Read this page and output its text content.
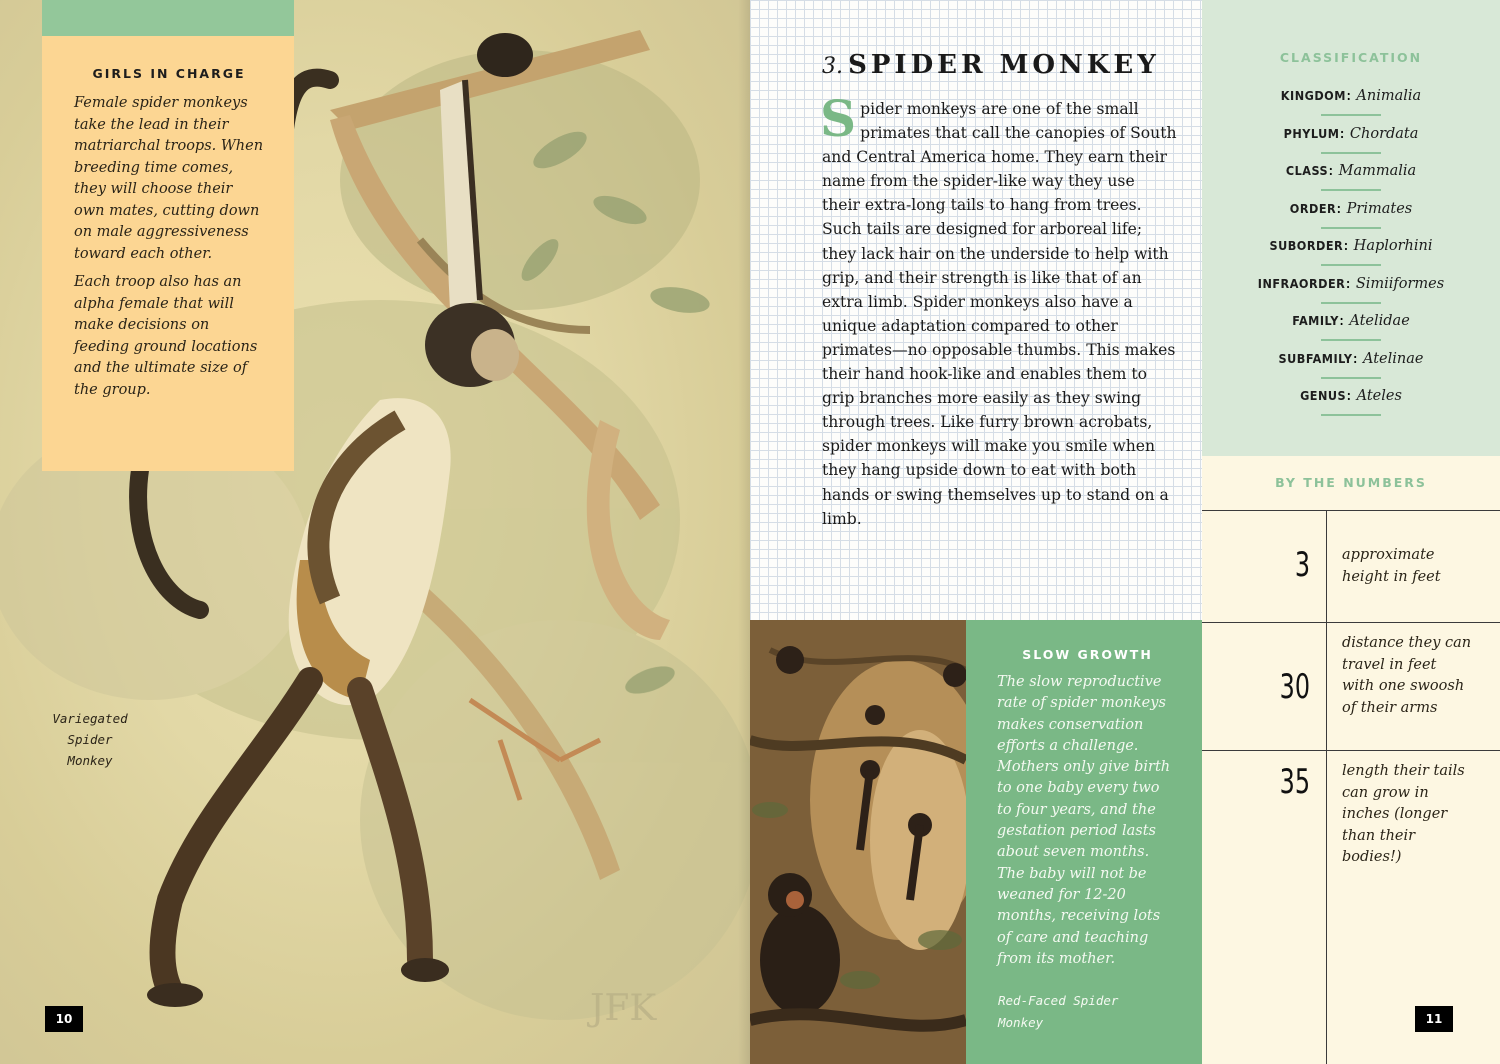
JFK
GIRLS IN CHARGE

Female spider monkeys take the lead in their matriarchal troops. When breeding time comes, they will choose their own mates, cutting down on male aggressiveness toward each other.

Each troop also has an alpha female that will make decisions on feeding ground locations and the ultimate size of the group.

Variegated
Spider
Monkey
10
3. SPIDER MONKEY
Spider monkeys are one of the small primates that call the canopies of South and Central America home. They earn their name from the spider-like way they use their extra-long tails to hang from trees. Such tails are designed for arboreal life; they lack hair on the underside to help with grip, and their strength is like that of an extra limb. Spider monkeys also have a unique adaptation compared to other primates—no opposable thumbs. This makes their hand hook-like and enables them to grip branches more easily as they swing through trees. Like furry brown acrobats, spider monkeys will make you smile when they hang upside down to eat with both hands or swing themselves up to stand on a limb.
CLASSIFICATION
KINGDOM: Animalia
PHYLUM: Chordata
CLASS: Mammalia
ORDER: Primates
SUBORDER: Haplorhini
INFRAORDER: Simiiformes
FAMILY: Atelidae
SUBFAMILY: Atelinae
GENUS: Ateles
BY THE NUMBERS
3 approximate height in feet
30
distance they can travel in feet with one swoosh of their arms
35 length their tails can grow in inches (longer than their bodies!)
SLOW GROWTH

The slow reproductive rate of spider monkeys makes conservation efforts a challenge. Mothers only give birth to one baby every two to four years, and the gestation period lasts about seven months. The baby will not be weaned for 12-20 months, receiving lots of care and teaching from its mother.

Red-Faced Spider
Monkey	11
